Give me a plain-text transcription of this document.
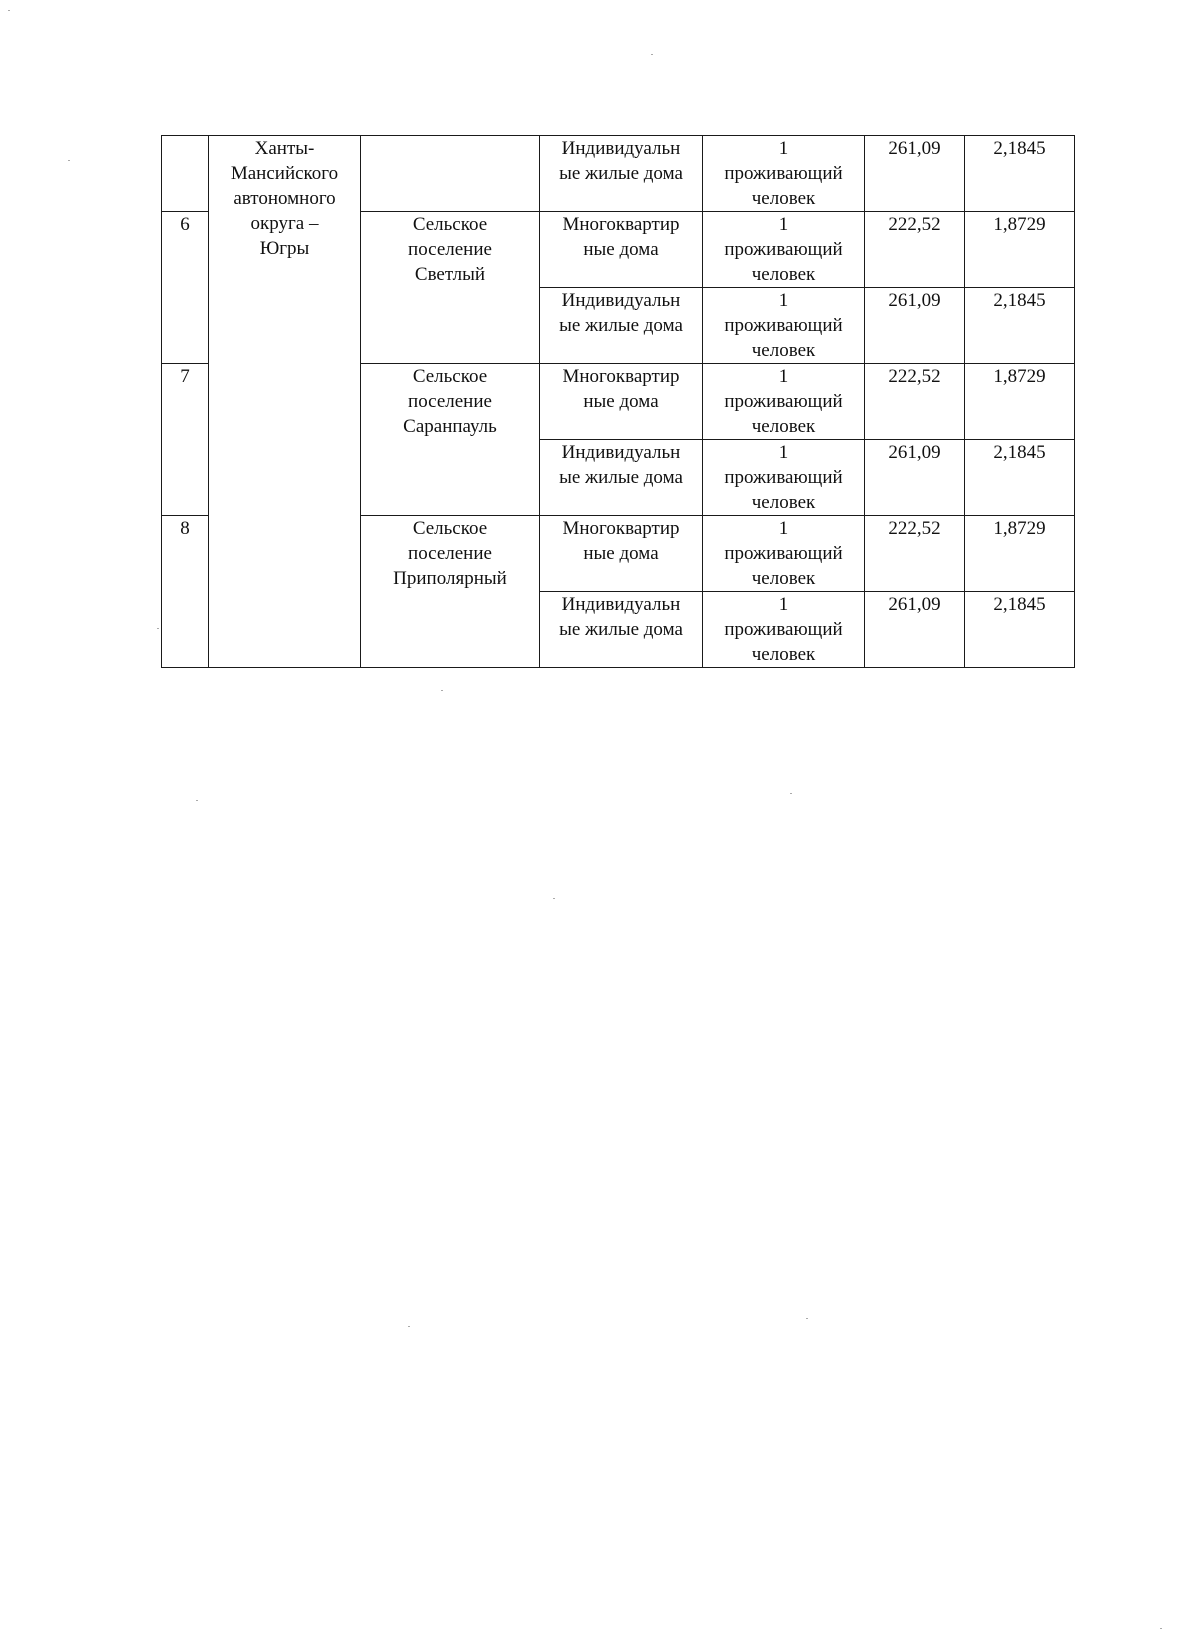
	Ханты-
Мансийского
автономного
округа –
Югры		Индивидуальн
ые жилые дома	1
проживающий
человек	261,09	2,1845
6		Сельское
поселение
Светлый	Многоквартир
ные дома	1
проживающий
человек	222,52	1,8729

			Индивидуальн
ые жилые дома	1
проживающий
человек	261,09	2,1845
7		Сельское
поселение
Саранпауль	Многоквартир
ные дома	1
проживающий
человек	222,52	1,8729

			Индивидуальн
ые жилые дома	1
проживающий
человек	261,09	2,1845
8		Сельское
поселение
Приполярный	Многоквартир
ные дома	1
проживающий
человек	222,52	1,8729

			Индивидуальн
ые жилые дома	1
проживающий
человек	261,09	2,1845
